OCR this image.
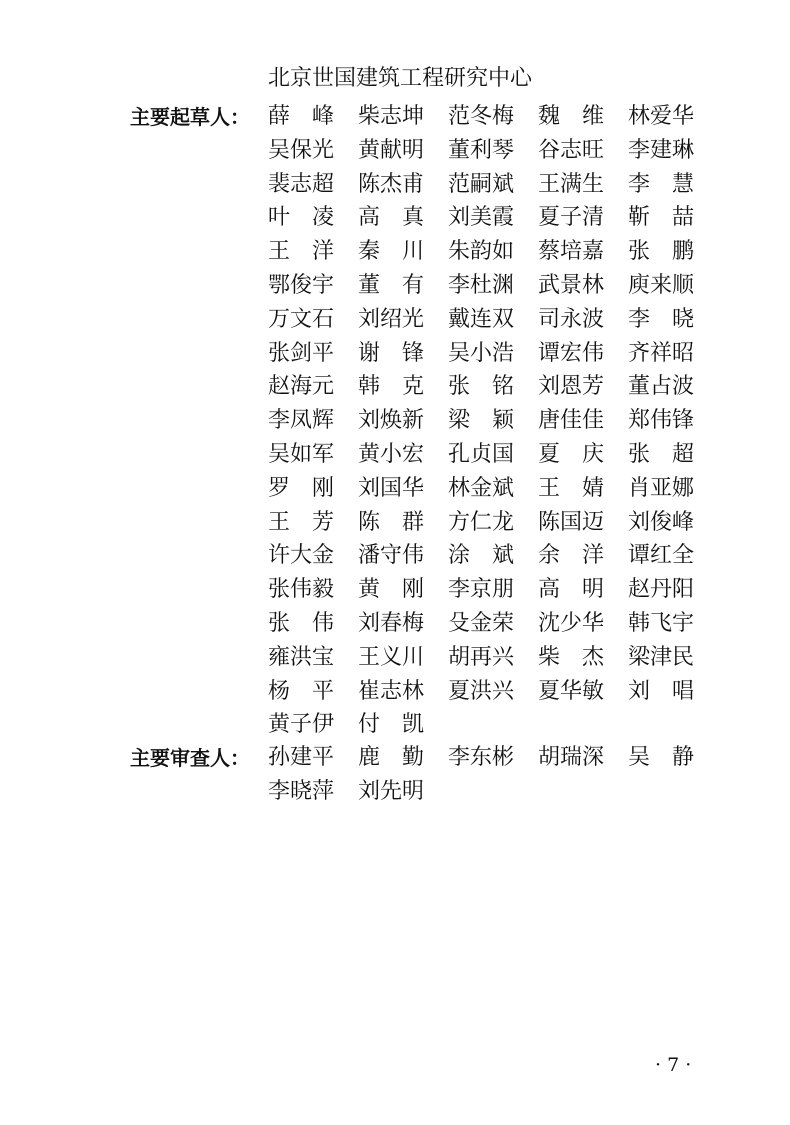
北京世国建筑工程研究中心
主要起草人： 薛　峰 柴志坤 范冬梅 魏　维 林爱华
吴保光 黄献明 董利琴 谷志旺 李建琳
裴志超 陈杰甫 范嗣斌 王满生 李　慧
叶　凌 高　真 刘美霞 夏子清 靳　喆
王　洋 秦　川 朱韵如 蔡培嘉 张　鹏
鄂俊宇 董　有 李杜渊 武景林 庾来顺
万文石 刘绍光 戴连双 司永波 李　晓
张剑平 谢　锋 吴小浩 谭宏伟 齐祥昭
赵海元 韩　克 张　铭 刘恩芳 董占波
李凤辉 刘焕新 梁　颖 唐佳佳 郑伟锋
吴如军 黄小宏 孔贞国 夏　庆 张　超
罗　刚 刘国华 林金斌 王　婧 肖亚娜
王　芳 陈　群 方仁龙 陈国迈 刘俊峰
许大金 潘守伟 涂　斌 余　洋 谭红全
张伟毅 黄　刚 李京朋 高　明 赵丹阳
张　伟 刘春梅 殳金荣 沈少华 韩飞宇
雍洪宝 王义川 胡再兴 柴　杰 梁津民
杨　平 崔志林 夏洪兴 夏华敏 刘　唱
黄子伊 付　凯
主要审查人： 孙建平 鹿　勤 李东彬 胡瑞深 吴　静
李晓萍 刘先明
· 7 ·
